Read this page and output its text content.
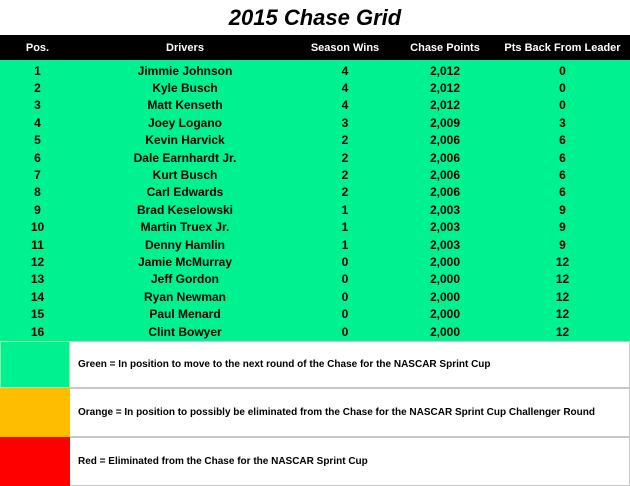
2015 Chase Grid
Pos.	Drivers	Season Wins	Chase Points	Pts Back From Leader
1	Jimmie Johnson	4	2,012	0
2	Kyle Busch	4	2,012	0
3	Matt Kenseth	4	2,012	0
4	Joey Logano	3	2,009	3
5	Kevin Harvick	2	2,006	6
6	Dale Earnhardt Jr.	2	2,006	6
7	Kurt Busch	2	2,006	6
8	Carl Edwards	2	2,006	6
9	Brad Keselowski	1	2,003	9
10	Martin Truex Jr.	1	2,003	9
11	Denny Hamlin	1	2,003	9
12	Jamie McMurray	0	2,000	12
13	Jeff Gordon	0	2,000	12
14	Ryan Newman	0	2,000	12
15	Paul Menard	0	2,000	12
16	Clint Bowyer	0	2,000	12
Green = In position to move to the next round of the Chase for the NASCAR Sprint Cup
Orange = In position to possibly be eliminated from the Chase for the NASCAR Sprint Cup Challenger Round
Red = Eliminated from the Chase for the NASCAR Sprint Cup
